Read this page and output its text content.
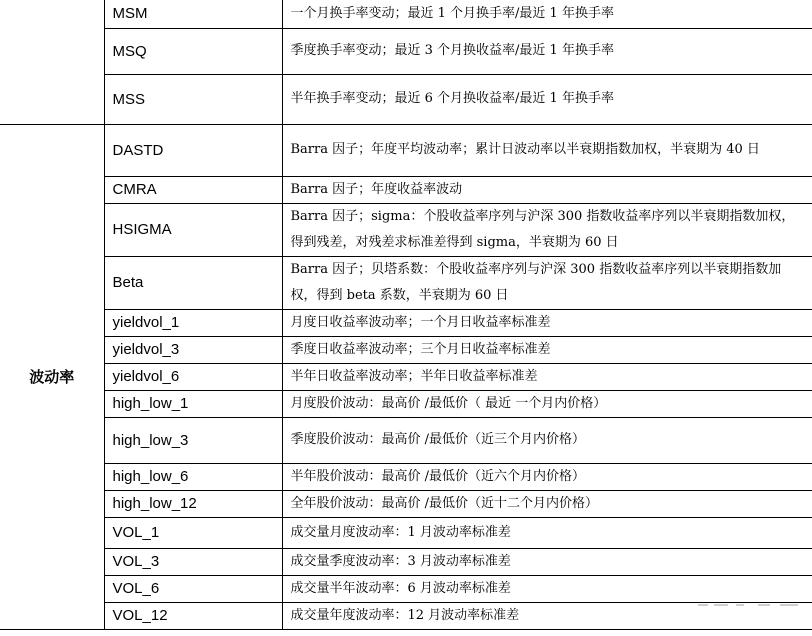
	MSM	一个月换手率变动；最近 1 个月换手率/最近 1 年换手率
	MSQ	季度换手率变动；最近 3 个月换收益率/最近 1 年换手率
	MSS	半年换手率变动；最近 6 个月换收益率/最近 1 年换手率
波动率	DASTD	Barra 因子；年度平均波动率；累计日波动率以半衰期指数加权，半衰期为 40 日
	CMRA	Barra 因子；年度收益率波动
	HSIGMA	Barra 因子；sigma：个股收益率序列与沪深 300 指数收益率序列以半衰期指数加权，得到残差，对残差求标准差得到 sigma，半衰期为 60 日
	Beta	Barra 因子；贝塔系数：个股收益率序列与沪深 300 指数收益率序列以半衰期指数加权，得到 beta 系数，半衰期为 60 日
	yieldvol_1	月度日收益率波动率；一个月日收益率标准差
	yieldvol_3	季度日收益率波动率；三个月日收益率标准差
	yieldvol_6	半年日收益率波动率；半年日收益率标准差
	high_low_1	月度股价波动：最高价 /最低价（ 最近 一个月内价格）
	high_low_3	季度股价波动：最高价 /最低价（近三个月内价格）
	high_low_6	半年股价波动：最高价 /最低价（近六个月内价格）
	high_low_12	全年股价波动：最高价 /最低价（近十二个月内价格）
	VOL_1	成交量月度波动率：1 月波动率标准差
	VOL_3	成交量季度波动率：3 月波动率标准差
	VOL_6	成交量半年波动率：6 月波动率标准差
	VOL_12	成交量年度波动率：12 月波动率标准差
